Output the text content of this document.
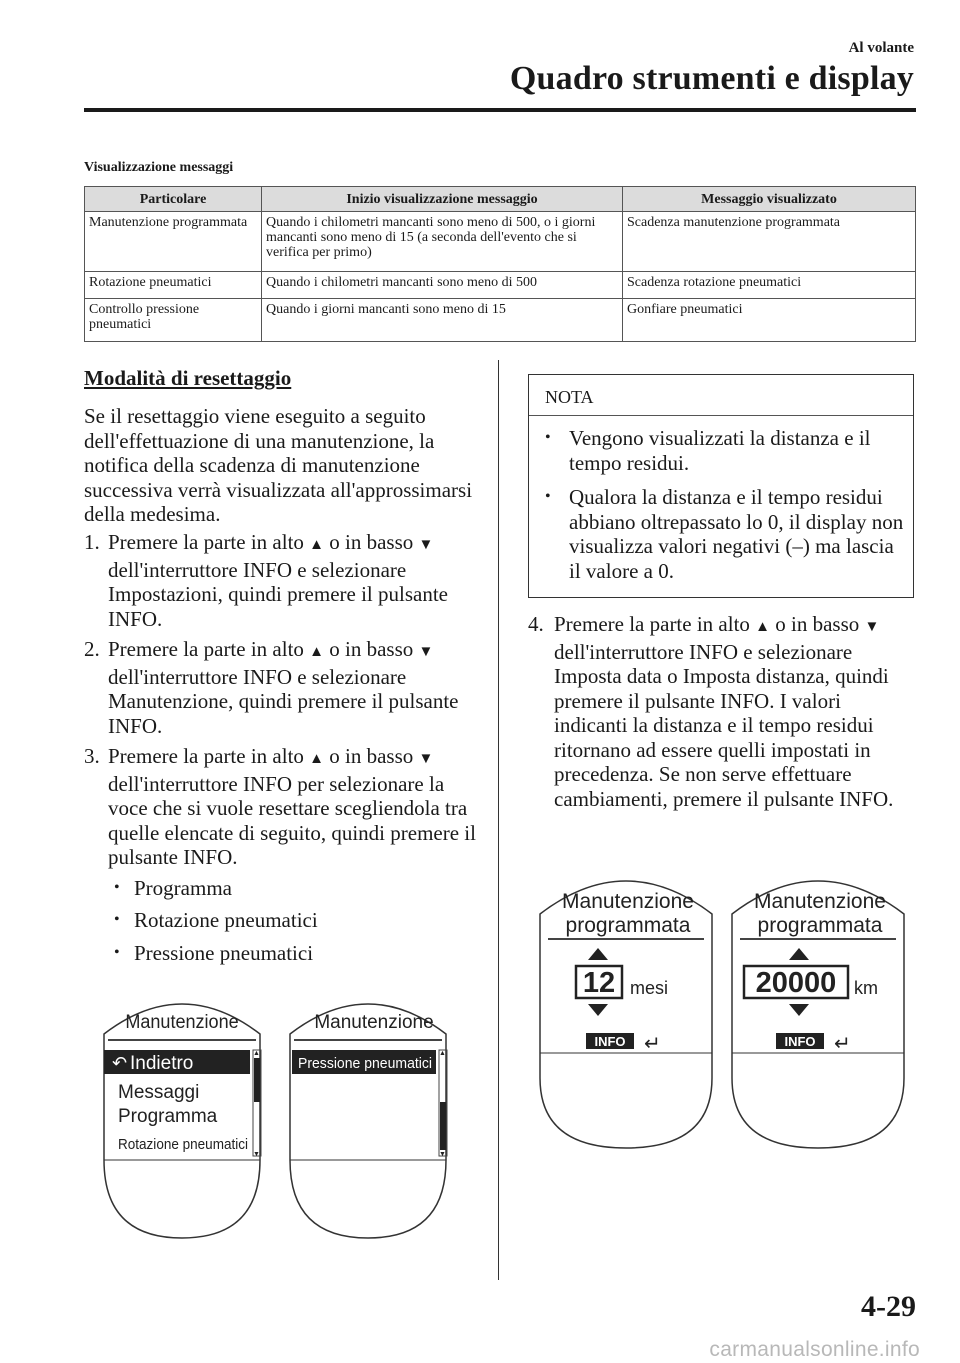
Al volante
Quadro strumenti e display
Visualizzazione messaggi
Particolare	Inizio visualizzazione messaggio	Messaggio visualizzato
Manutenzione programmata	Quando i chilometri mancanti sono meno di 500, o i giorni mancanti sono meno di 15 (a seconda dell'evento che si verifica per primo)	Scadenza manutenzione programmata
Rotazione pneumatici	Quando i chilometri mancanti sono meno di 500	Scadenza rotazione pneumatici
Controllo pressione pneumatici	Quando i giorni mancanti sono meno di 15	Gonfiare pneumatici
Modalità di resettaggio
Se il resettaggio viene eseguito a seguito dell'effettuazione di una manutenzione, la notifica della scadenza di manutenzione successiva verrà visualizzata all'approssimarsi della medesima.
1. Premere la parte in alto ▲ o in basso ▼ dell'interruttore INFO e selezionare Impostazioni, quindi premere il pulsante INFO.
2. Premere la parte in alto ▲ o in basso ▼ dell'interruttore INFO e selezionare Manutenzione, quindi premere il pulsante INFO.
3. Premere la parte in alto ▲ o in basso ▼ dell'interruttore INFO per selezionare la voce che si vuole resettare scegliendola tra quelle elencate di seguito, quindi premere il pulsante INFO.
• Programma
• Rotazione pneumatici
• Pressione pneumatici
Manutenzione
↶ Indietro
Messaggi
Programma
Rotazione pneumatici
▲
▼
Manutenzione
Pressione pneumatici
▲
▼
NOTA
• Vengono visualizzati la distanza e il tempo residui.
• Qualora la distanza e il tempo residui abbiano oltrepassato lo 0, il display non visualizza valori negativi (–) ma lascia il valore a 0.
4. Premere la parte in alto ▲ o in basso ▼ dell'interruttore INFO e selezionare Imposta data o Imposta distanza, quindi premere il pulsante INFO. I valori indicanti la distanza e il tempo residui ritornano ad essere quelli impostati in precedenza. Se non serve effettuare cambiamenti, premere il pulsante INFO.
Manutenzione
programmata
12 mesi
INFO ↵
Manutenzione
programmata
20000 km
INFO ↵
4-29
carmanualsonline.info
